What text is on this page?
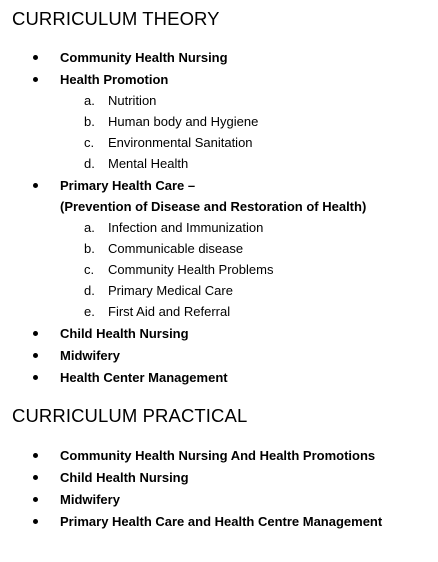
CURRICULUM THEORY
Community Health Nursing
Health Promotion
a. Nutrition
b. Human body and Hygiene
c. Environmental Sanitation
d. Mental Health
Primary Health Care –
(Prevention of Disease and Restoration of Health)
a. Infection and Immunization
b. Communicable disease
c. Community Health Problems
d. Primary Medical Care
e. First Aid and Referral
Child Health Nursing
Midwifery
Health Center Management
CURRICULUM PRACTICAL
Community Health Nursing And Health Promotions
Child Health Nursing
Midwifery
Primary Health Care and Health Centre Management
